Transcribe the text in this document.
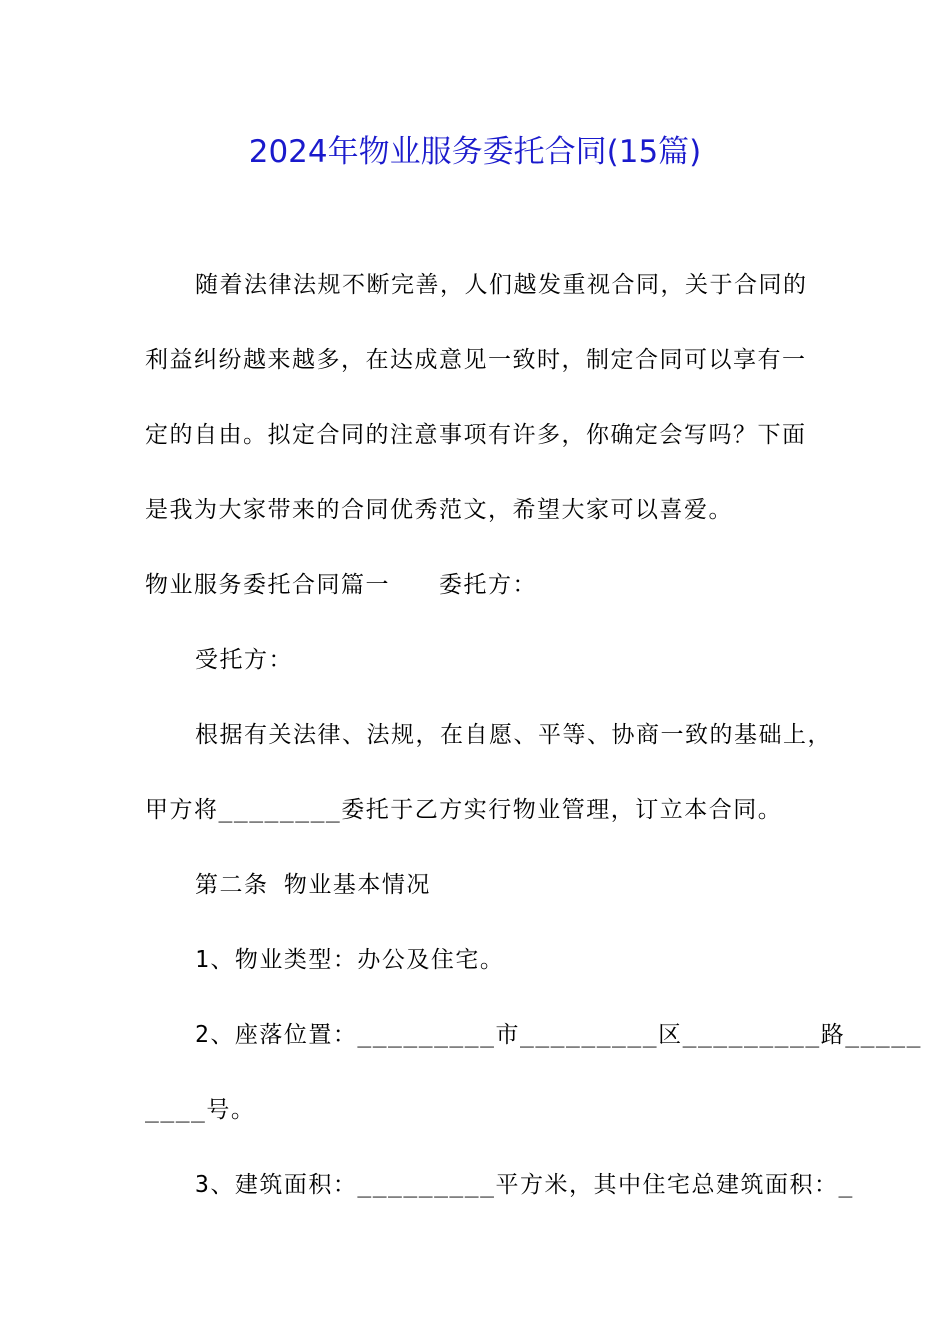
2024年物业服务委托合同(15篇)
随着法律法规不断完善，人们越发重视合同，关于合同的
利益纠纷越来越多，在达成意见一致时，制定合同可以享有一
定的自由。拟定合同的注意事项有许多，你确定会写吗？下面
是我为大家带来的合同优秀范文，希望大家可以喜爱。
物业服务委托合同篇一　　委托方：
受托方：
根据有关法律、法规，在自愿、平等、协商一致的基础上，
甲方将________委托于乙方实行物业管理，订立本合同。
第二条 物业基本情况
1、物业类型：办公及住宅。
2、座落位置：_________市_________区_________路_____
____号。
3、建筑面积：_________平方米，其中住宅总建筑面积：_
